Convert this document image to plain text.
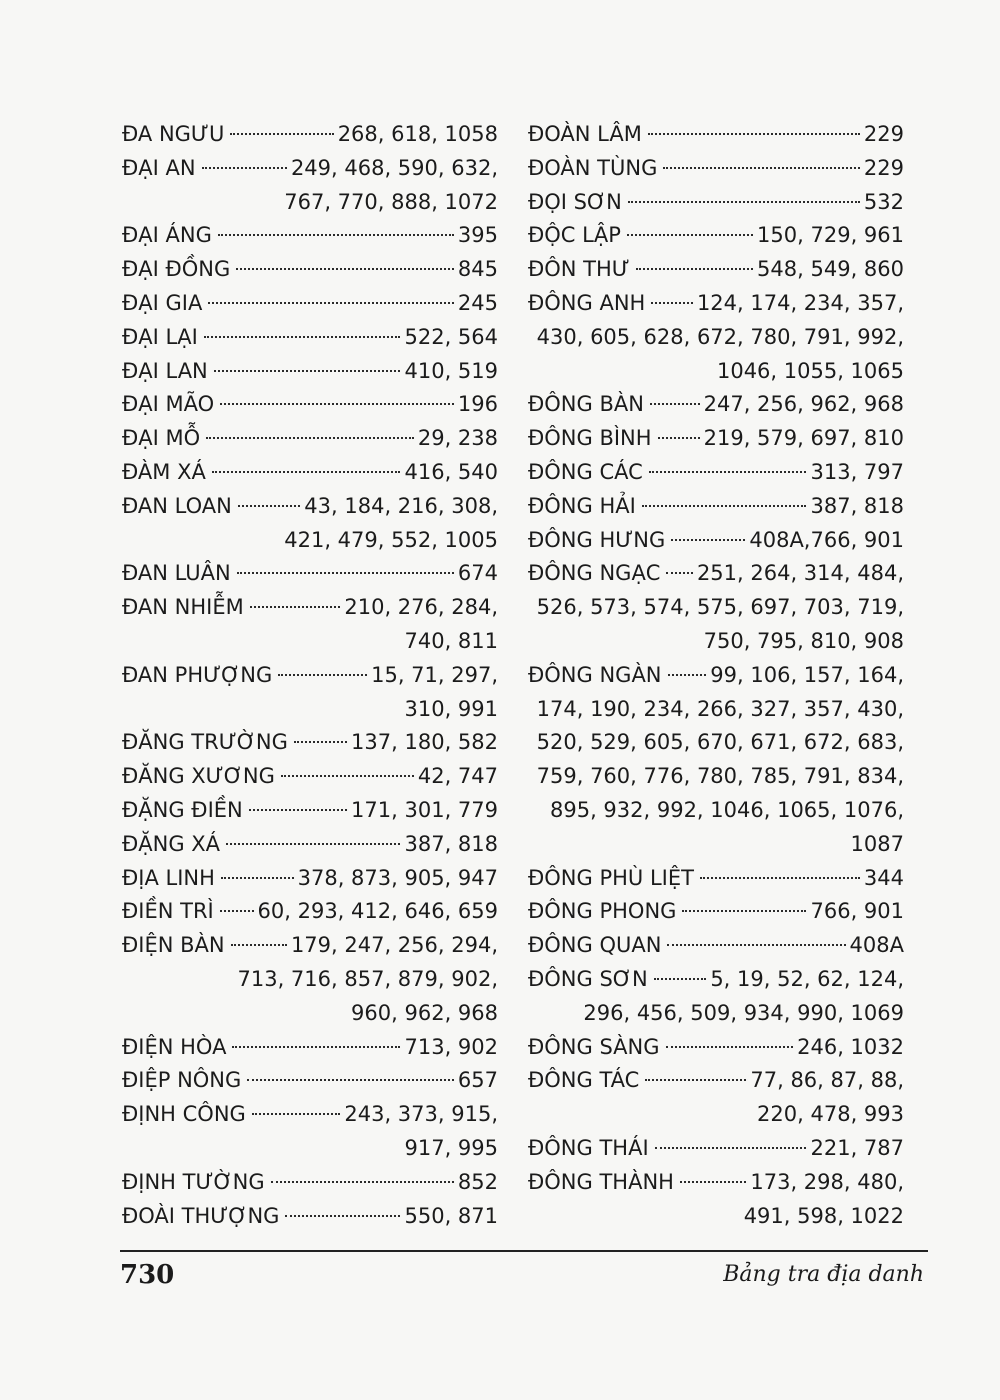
ĐA NGƯU	268, 618, 1058
ĐẠI AN	249, 468, 590, 632,
767, 770, 888, 1072
ĐẠI ÁNG	395
ĐẠI ĐỒNG	845
ĐẠI GIA	245
ĐẠI LẠI	522, 564
ĐẠI LAN	410, 519
ĐẠI MÃO	196
ĐẠI MỖ	29, 238
ĐÀM XÁ	416, 540
ĐAN LOAN	43, 184, 216, 308,
421, 479, 552, 1005
ĐAN LUÂN	674
ĐAN NHIỄM	210, 276, 284,
740, 811
ĐAN PHƯỢNG	15, 71, 297,
310, 991
ĐĂNG TRƯỜNG	137, 180, 582
ĐĂNG XƯƠNG	42, 747
ĐẶNG ĐIỀN	171, 301, 779
ĐẶNG XÁ	387, 818
ĐỊA LINH	378, 873, 905, 947
ĐIỀN TRÌ 60, 293, 412, 646, 659
ĐIỆN BÀN	179, 247, 256, 294,
713, 716, 857, 879, 902,
960, 962, 968
ĐIỆN HÒA	713, 902
ĐIỆP NÔNG	657
ĐỊNH CÔNG	243, 373, 915,
917, 995
ĐỊNH TƯỜNG	852
ĐOÀI THƯỢNG	550, 871
ĐOÀN LÂM	229
ĐOÀN TÙNG	229
ĐỌI SƠN	532
ĐỘC LẬP	150, 729, 961
ĐÔN THƯ	548, 549, 860
ĐÔNG ANH 124, 174, 234, 357,
430, 605, 628, 672, 780, 791, 992,
1046, 1055, 1065
ĐÔNG BÀN	247, 256, 962, 968
ĐÔNG BÌNH 219, 579, 697, 810
ĐÔNG CÁC	313, 797
ĐÔNG HẢI	387, 818
ĐÔNG HƯNG	408A,766, 901
ĐÔNG NGẠC 251, 264, 314, 484,
526, 573, 574, 575, 697, 703, 719,
750, 795, 810, 908
ĐÔNG NGÀN 99, 106, 157, 164,
174, 190, 234, 266, 327, 357, 430,
520, 529, 605, 670, 671, 672, 683,
759, 760, 776, 780, 785, 791, 834,
895, 932, 992, 1046, 1065, 1076,
1087
ĐÔNG PHÙ LIỆT	344
ĐÔNG PHONG	766, 901
ĐÔNG QUAN	408A
ĐÔNG SƠN	5, 19, 52, 62, 124,
296, 456, 509, 934, 990, 1069
ĐÔNG SÀNG	246, 1032
ĐÔNG TÁC	77, 86, 87, 88,
220, 478, 993
ĐÔNG THÁI	221, 787
ĐÔNG THÀNH	173, 298, 480,
491, 598, 1022
730	Bảng tra địa danh
